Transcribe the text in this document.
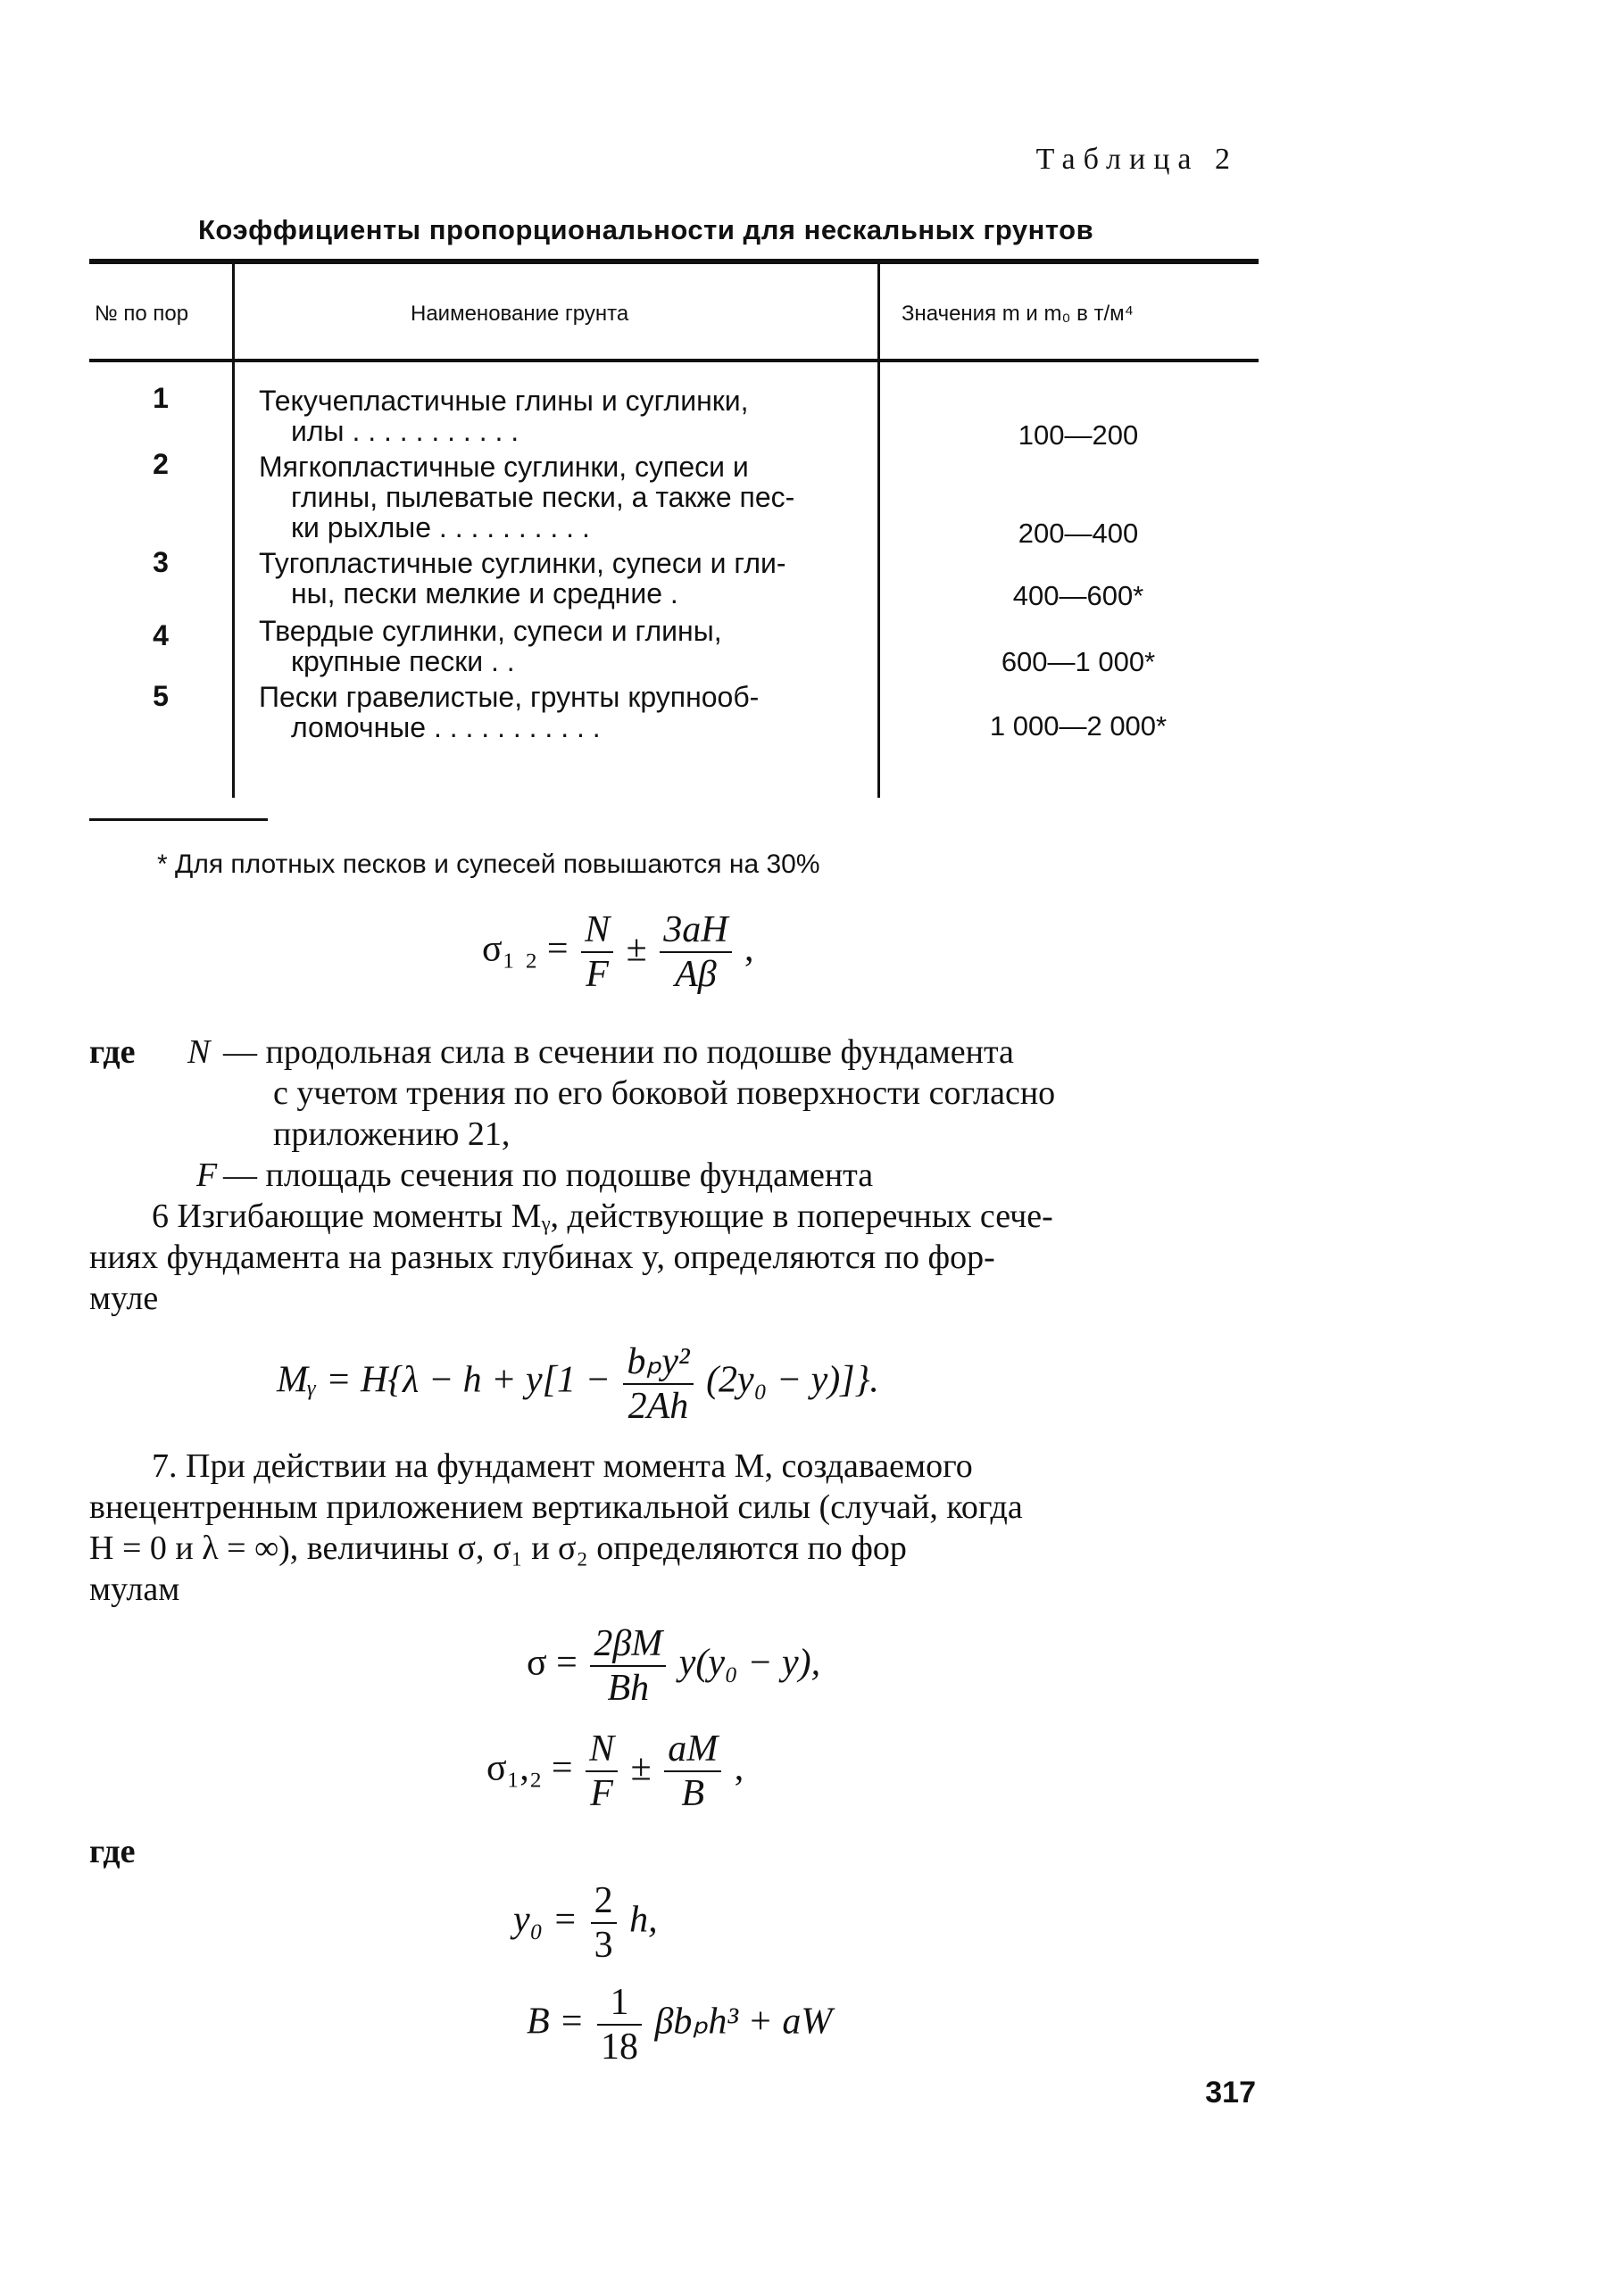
Таблица 2
Коэффициенты пропорциональности для нескальных грунтов
№ по пор	Наименование грунта	Значения m и m₀ в т/м⁴
1	Текучепластичные глины и суглинки,
илы . . . . . . . . . . .	100—200
2	Мягкопластичные суглинки, супеси и
глины, пылеватые пески, а также пес-
ки рыхлые . . . . . . . . . .	200—400
3	Тугопластичные суглинки, супеси и гли-
ны, пески мелкие и средние .	400—600*
4	Твердые суглинки, супеси и глины,
крупные пески . .	600—1 000*
5	Пески гравелистые, грунты крупнооб-
ломочные . . . . . . . . . . .	1 000—2 000*
* Для плотных песков и супесей повышаются на 30%
σ₁ $_2 = \frac{N}{F} \pm \frac{3aH}{A\beta}$ ,
где N — продольная сила в сечении по подошве фундамента
с учетом трения по его боковой поверхности согласно
приложению 21,
F — площадь сечения по подошве фундамента
6 Изгибающие моменты Mᵧ, действующие в поперечных сече-
ниях фундамента на разных глубинах y, определяются по фор-
муле
Mᵧ = $H\{\lambda - h + y[1 - \frac{\text{bₚy²}}{2Ah} (2y_0 - y)]\}$.
7. При действии на фундамент момента M, создаваемого
внецентренным приложением вертикальной силы (случай, когда
H = 0 и λ = ∞), величины σ, σ₁ и σ₂ определяются по фор
мулам
$\sigma = \frac{2\beta M}{Bh} y(y_0 - y)$,
$\sigma_1,_2 = \frac{N}{F} \pm \frac{aM}{B}$ ,
где
$y_0 = \frac{2}{3} h$,
$B = \frac{1}{18} \beta b_ph^3$ + aW
317
